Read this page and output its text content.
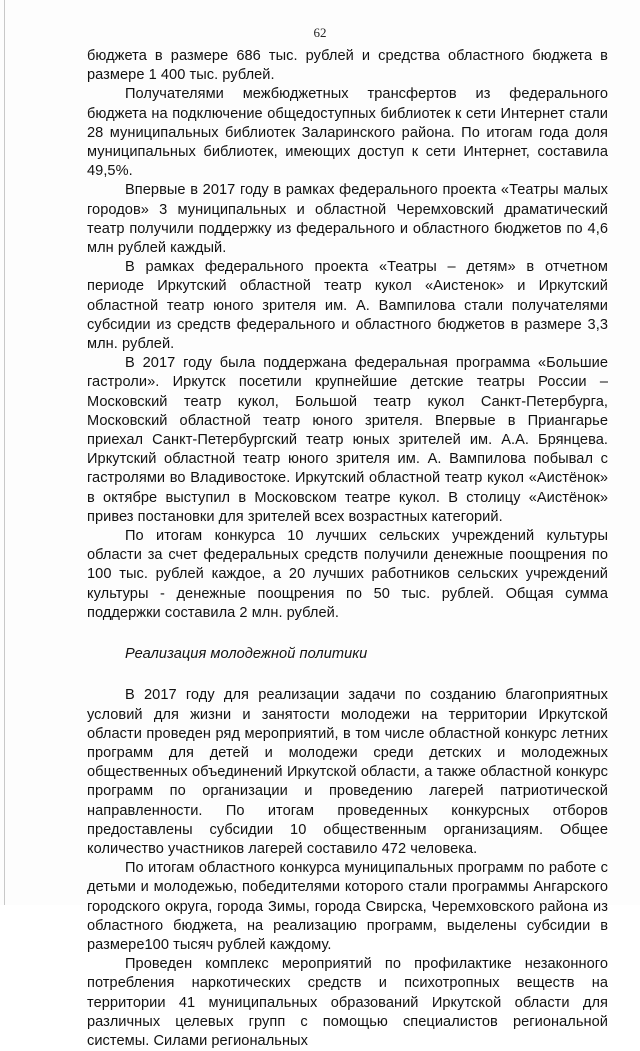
62

бюджета в размере 686 тыс. рублей и средства областного бюджета в размере 1 400 тыс. рублей.

Получателями межбюджетных трансфертов из федерального бюджета на подключение общедоступных библиотек к сети Интернет стали 28 муниципальных библиотек Заларинского района. По итогам года доля муниципальных библиотек, имеющих доступ к сети Интернет, составила 49,5%.

Впервые в 2017 году в рамках федерального проекта «Театры малых городов» 3 муниципальных и областной Черемховский драматический театр получили поддержку из федерального и областного бюджетов по 4,6 млн рублей каждый.

В рамках федерального проекта «Театры – детям» в отчетном периоде Иркутский областной театр кукол «Аистенок» и Иркутский областной театр юного зрителя им. А. Вампилова стали получателями субсидии из средств федерального и областного бюджетов в размере 3,3 млн. рублей.

В 2017 году была поддержана федеральная программа «Большие гастроли». Иркутск посетили крупнейшие детские театры России – Московский театр кукол, Большой театр кукол Санкт-Петербурга, Московский областной театр юного зрителя. Впервые в Приангарье приехал Санкт-Петербургский театр юных зрителей им. А.А. Брянцева. Иркутский областной театр юного зрителя им. А. Вампилова побывал с гастролями во Владивостоке. Иркутский областной театр кукол «Аистёнок» в октябре выступил в Московском театре кукол. В столицу «Аистёнок» привез постановки для зрителей всех возрастных категорий.

По итогам конкурса 10 лучших сельских учреждений культуры области за счет федеральных средств получили денежные поощрения по 100 тыс. рублей каждое, а 20 лучших работников сельских учреждений культуры - денежные поощрения по 50 тыс. рублей. Общая сумма поддержки составила 2 млн. рублей.

Реализация молодежной политики

В 2017 году для реализации задачи по созданию благоприятных условий для жизни и занятости молодежи на территории Иркутской области проведен ряд мероприятий, в том числе областной конкурс летних программ для детей и молодежи среди детских и молодежных общественных объединений Иркутской области, а также областной конкурс программ по организации и проведению лагерей патриотической направленности. По итогам проведенных конкурсных отборов предоставлены субсидии 10 общественным организациям. Общее количество участников лагерей составило 472 человека.

По итогам областного конкурса муниципальных программ по работе с детьми и молодежью, победителями которого стали программы Ангарского городского округа, города Зимы, города Свирска, Черемховского района из областного бюджета, на реализацию программ, выделены субсидии в размере100 тысяч рублей каждому.

Проведен комплекс мероприятий по профилактике незаконного потребления наркотических средств и психотропных веществ на территории 41 муниципальных образований Иркутской области для различных целевых групп с помощью специалистов региональной системы. Силами региональных
